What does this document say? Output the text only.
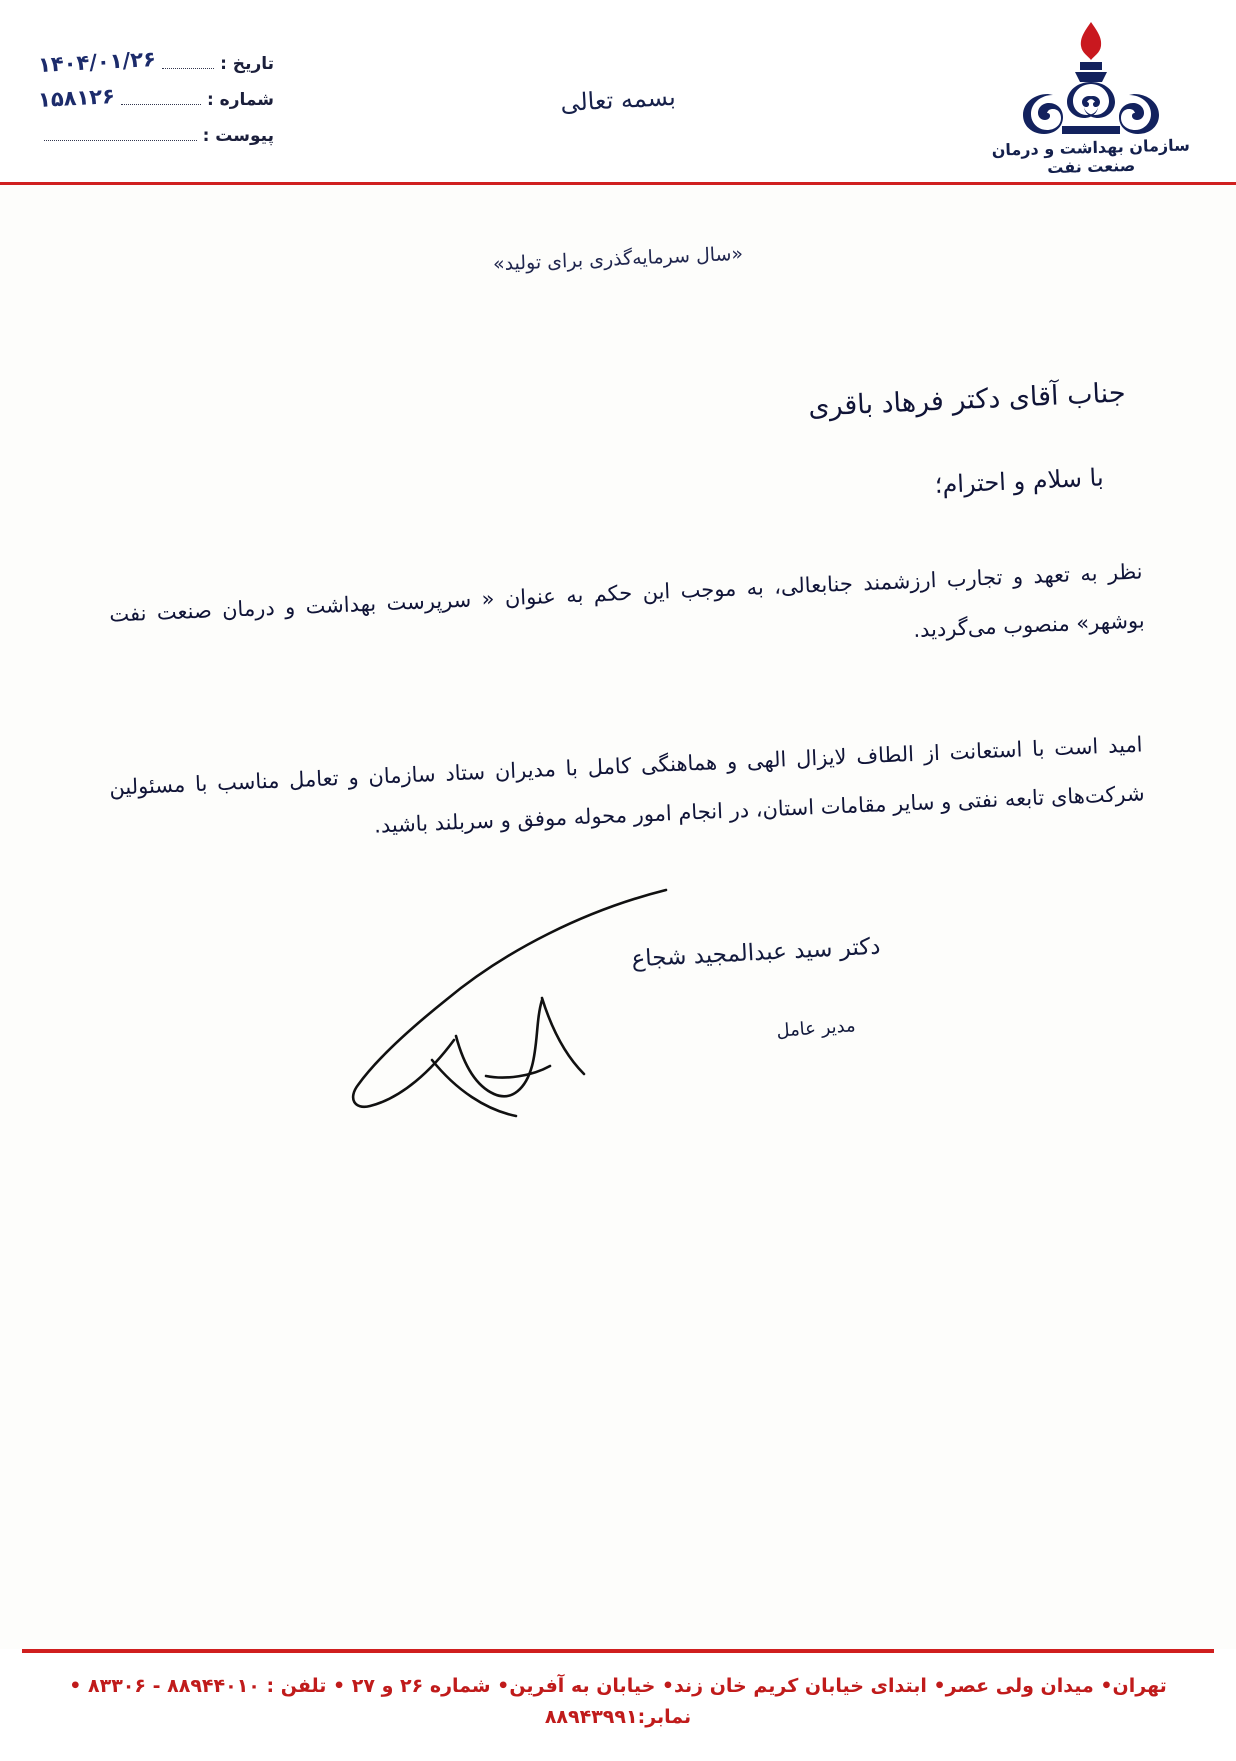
تاریخ :
۱۴۰۴/۰۱/۲۶
شماره :
۱۵۸۱۲۶
پیوست :
بسمه تعالی
سازمان بهداشت و درمان صنعت نفت
«سال سرمایه‌گذری برای تولید»
جناب آقای دکتر فرهاد باقری
با سلام و احترام؛
نظر به تعهد و تجارب ارزشمند جنابعالی، به موجب این حکم به عنوان « سرپرست بهداشت و درمان صنعت نفت بوشهر» منصوب می‌گردید.
امید است با استعانت از الطاف لایزال الهی و هماهنگی کامل با مدیران ستاد سازمان و تعامل مناسب با مسئولین شرکت‌های تابعه نفتی و سایر مقامات استان، در انجام امور محوله موفق و سربلند باشید.
دکتر سید عبدالمجید شجاع
مدیر عامل
تهران• میدان ولی عصر• ابتدای خیابان کریم خان زند• خیابان به آفرین• شماره ۲۶ و ۲۷ • تلفن : ۸۸۹۴۴۰۱۰ - ۸۳۳۰۶ • نمابر:۸۸۹۴۳۹۹۱
